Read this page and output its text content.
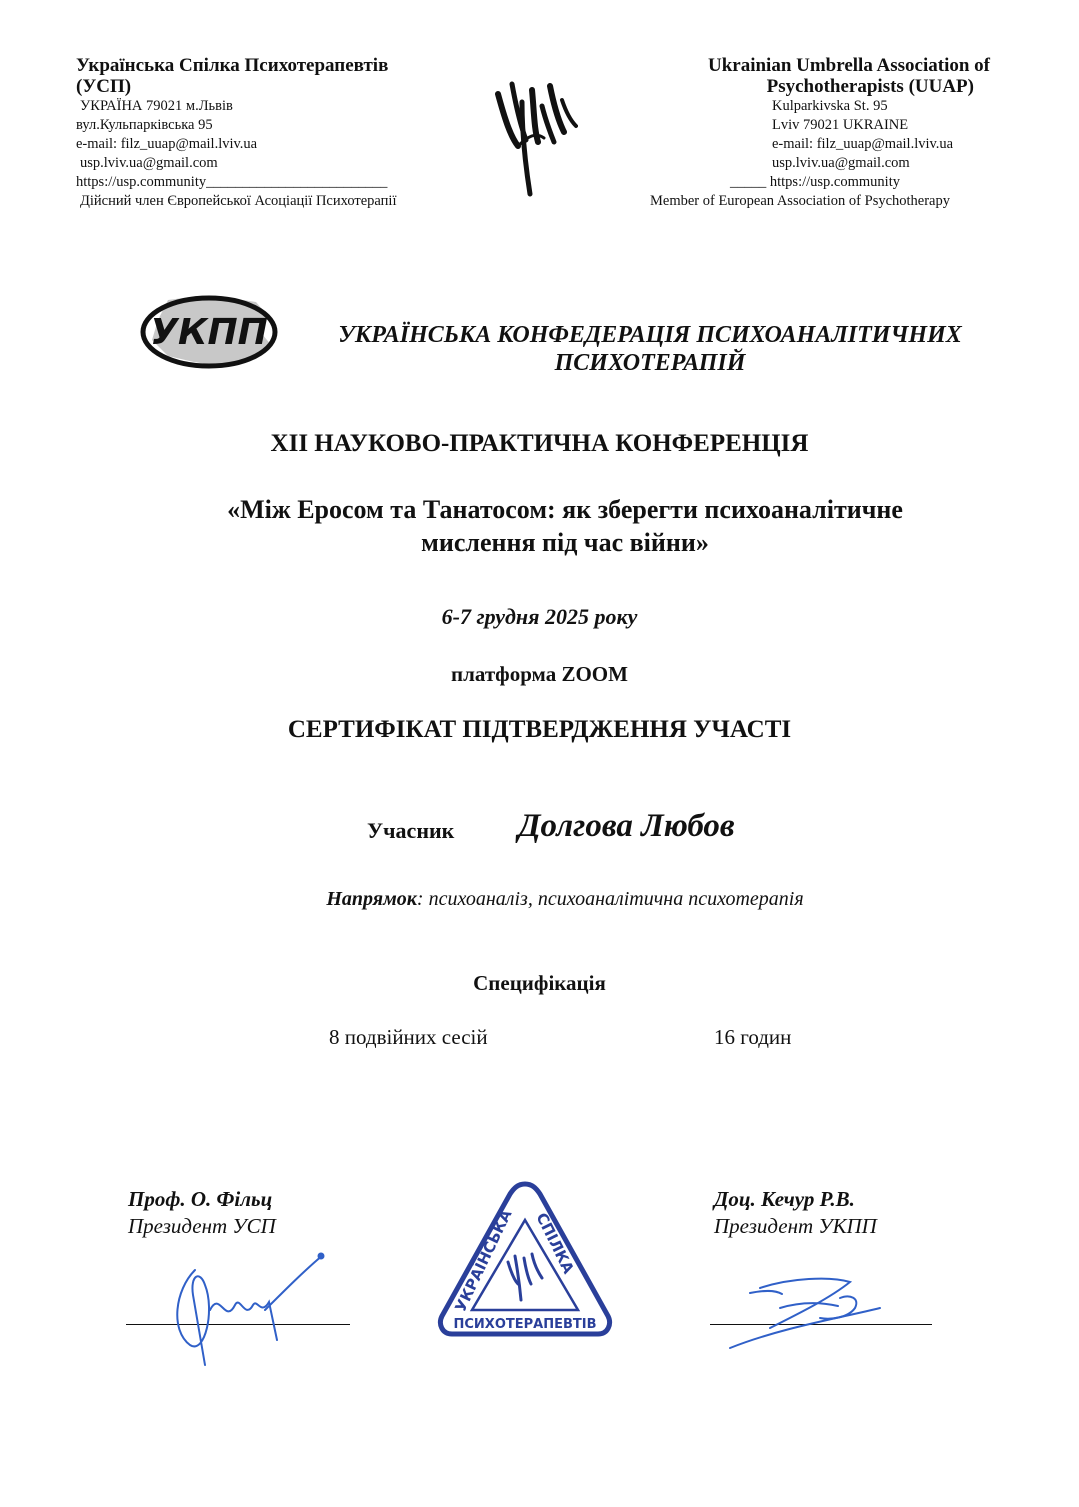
Українська Спілка Психотерапевтів
(УСП)
УКРАЇНА 79021 м.Львів
вул.Кульпарківська 95
e-mail: filz_uuap@mail.lviv.ua
usp.lviv.ua@gmail.com
https://usp.community_________________________
Дійсний член Європейської Асоціації Психотерапії
Ukrainian Umbrella Association of
Psychotherapists (UUAP)
Kulparkivska St. 95
Lviv 79021 UKRAINE
e-mail: filz_uuap@mail.lviv.ua
usp.lviv.ua@gmail.com
_____ https://usp.community
Member of European Association of Psychotherapy
УКПП	УКРАЇНСЬКА КОНФЕДЕРАЦІЯ ПСИХОАНАЛІТИЧНИХ
ПСИХОТЕРАПІЙ
XII НАУКОВО-ПРАКТИЧНА КОНФЕРЕНЦІЯ
«Між Еросом та Танатосом: як зберегти психоаналітичне
мислення під час війни»
6-7 грудня 2025 року
платформа ZOOM
СЕРТИФІКАТ ПІДТВЕРДЖЕННЯ УЧАСТІ
Учасник Долгова Любов
Напрямок: психоаналіз, психоаналітична психотерапія
Специфікація
8 подвійних сесій	16 годин
Проф. О. Фільц
Президент УСП
Доц. Кечур Р.В.
Президент УКПП
УКРАЇНСЬКА СПІЛКА
ПСИХОТЕРАПЕВТІВ
